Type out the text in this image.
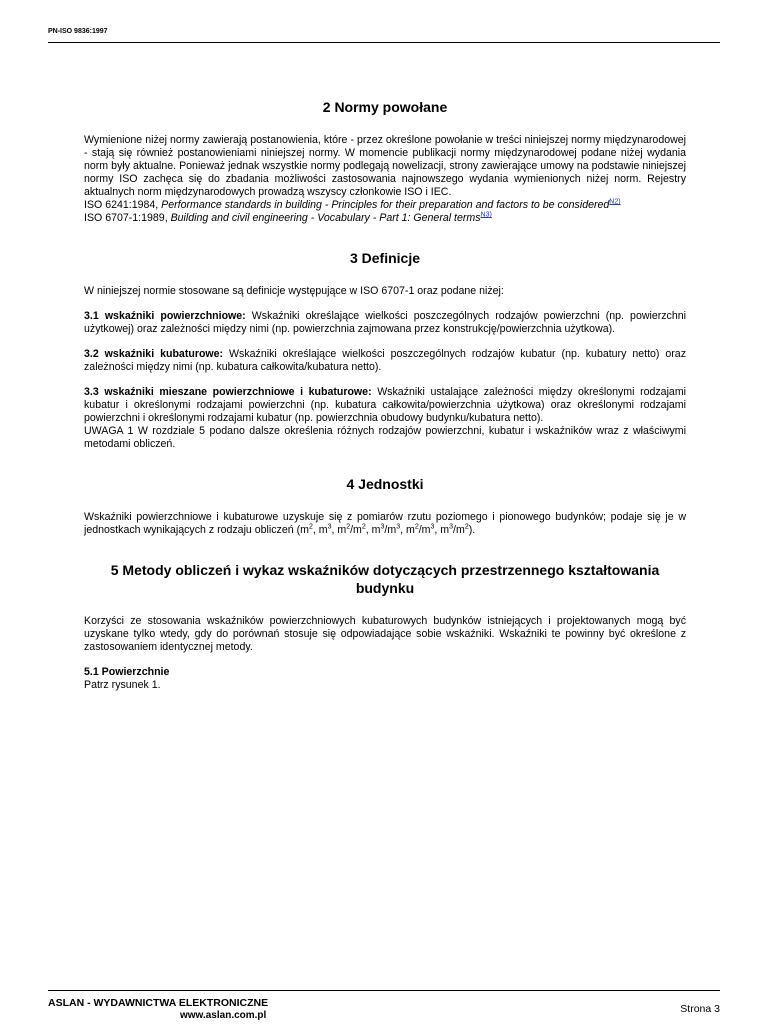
PN-ISO 9836:1997
2 Normy powołane

Wymienione niżej normy zawierają postanowienia, które - przez określone powołanie w treści niniejszej normy międzynarodowej - stają się również postanowieniami niniejszej normy. W momencie publikacji normy międzynarodowej podane niżej wydania norm były aktualne. Ponieważ jednak wszystkie normy podlegają nowelizacji, strony zawierające umowy na podstawie niniejszej normy ISO zachęca się do zbadania możliwości zastosowania najnowszego wydania wymienionych niżej norm. Rejestry aktualnych norm międzynarodowych prowadzą wszyscy członkowie ISO i IEC.

ISO 6241:1984, Performance standards in building - Principles for their preparation and factors to be considered$^{N2)}$
ISO 6707-1:1989, Building and civil engineering - Vocabulary - Part 1: General terms$^{N3)}$
3 Definicje

W niniejszej normie stosowane są definicje występujące w ISO 6707-1 oraz podane niżej:

3.1 wskaźniki powierzchniowe: Wskaźniki określające wielkości poszczególnych rodzajów powierzchni (np. powierzchni użytkowej) oraz zależności między nimi (np. powierzchnia zajmowana przez konstrukcję/powierzchnia użytkowa).

3.2 wskaźniki kubaturowe: Wskaźniki określające wielkości poszczególnych rodzajów kubatur (np. kubatury netto) oraz zależności między nimi (np. kubatura całkowita/kubatura netto).

3.3 wskaźniki mieszane powierzchniowe i kubaturowe: Wskaźniki ustalające zależności między określonymi rodzajami kubatur i określonymi rodzajami powierzchni (np. kubatura całkowita/powierzchnia użytkowa) oraz określonymi rodzajami powierzchni i określonymi rodzajami kubatur (np. powierzchnia obudowy budynku/kubatura netto).

UWAGA 1 W rozdziale 5 podano dalsze określenia różnych rodzajów powierzchni, kubatur i wskaźników wraz z właściwymi metodami obliczeń.

4 Jednostki

Wskaźniki powierzchniowe i kubaturowe uzyskuje się z pomiarów rzutu poziomego i pionowego budynków; podaje się je w jednostkach wynikających z rodzaju obliczeń ($m^2$, $m^3$, $m^2/m^2$, $m^3/m^3$, $m^2/m^3$, $m^3/m^2$).

5 Metody obliczeń i wykaz wskaźników dotyczących przestrzennego kształtowania budynku

Korzyści ze stosowania wskaźników powierzchniowych kubaturowych budynków istniejących i projektowanych mogą być uzyskane tylko wtedy, gdy do porównań stosuje się odpowiadające sobie wskaźniki. Wskaźniki te powinny być określone z zastosowaniem identycznej metody.

5.1 Powierzchnie
Patrz rysunek 1.
ASLAN - WYDAWNICTWA ELEKTRONICZNE
www.aslan.com.pl
Strona 3
